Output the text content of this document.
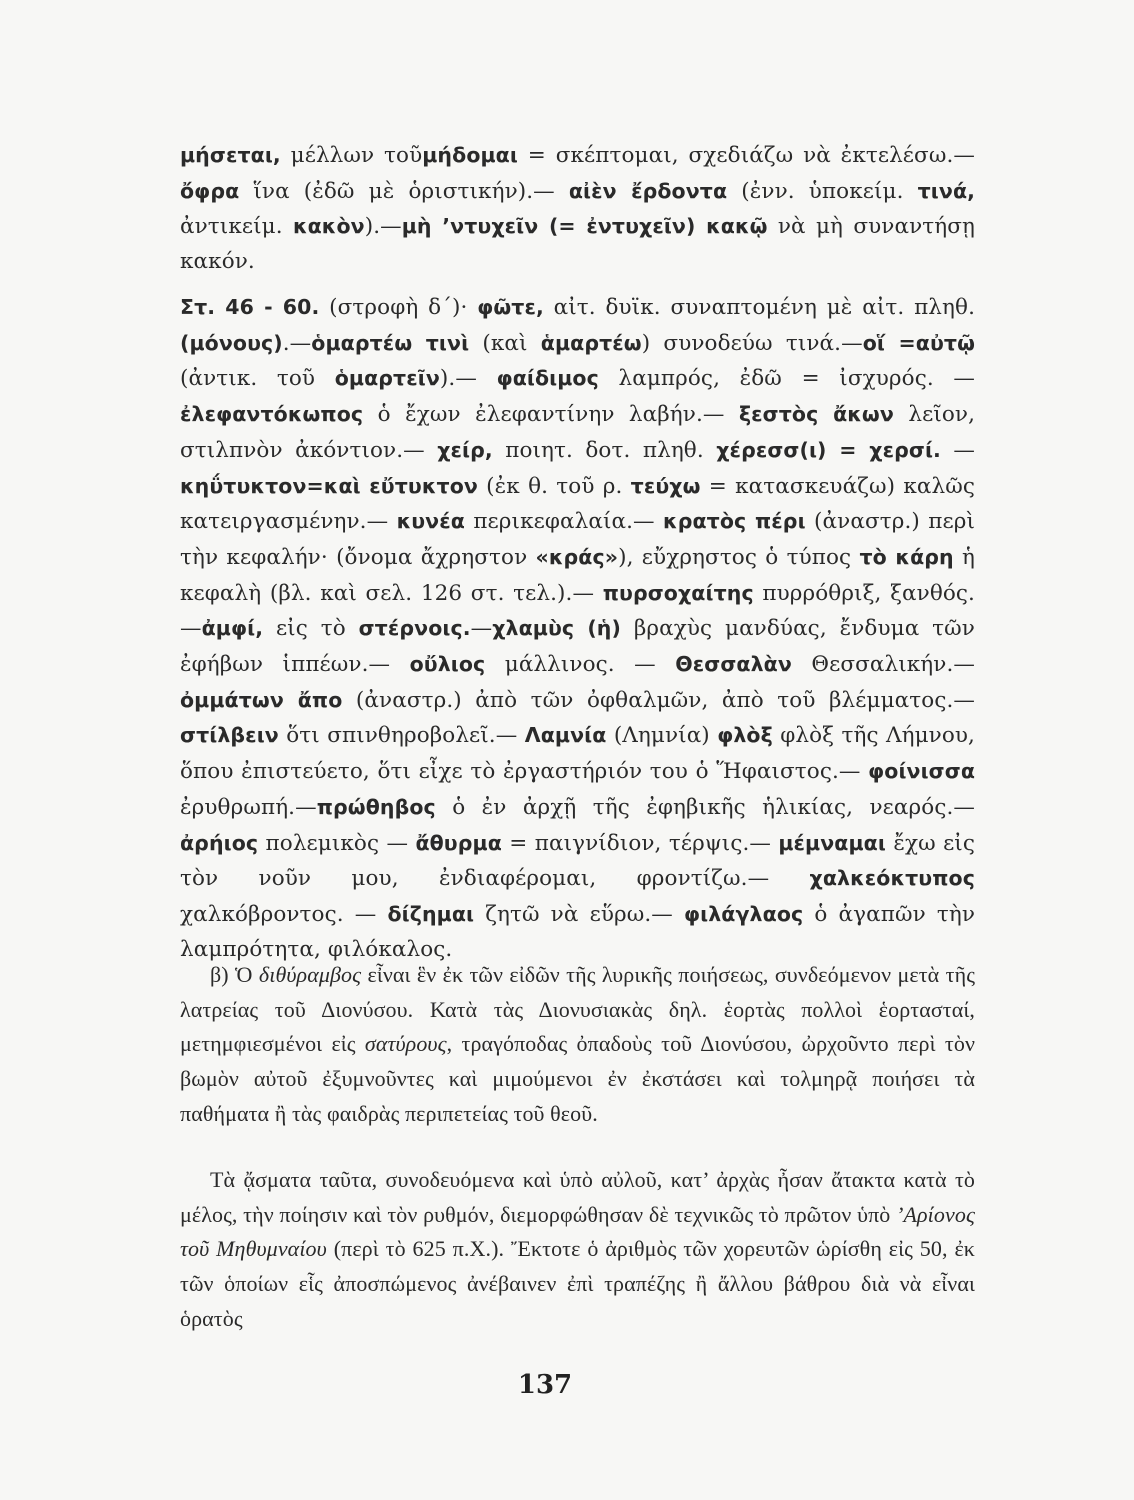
μήσεται, μέλλων τοῦμήδομαι = σκέπτομαι, σχεδιάζω νὰ ἐκτελέσω.— ὄφρα ἵνα (ἐδῶ μὲ ὁριστικήν).— αἰὲν ἔρδοντα (ἐνν. ὑποκείμ. τινά, ἀντικείμ. κακὸν).—μὴ ’ντυχεῖν (= ἐντυχεῖν) κακῷ νὰ μὴ συναντήσῃ κακόν.
Στ. 46 - 60. (στροφὴ δ΄)· φῶτε, αἰτ. δυϊκ. συναπτομένη μὲ αἰτ. πληθ. (μόνους).—ὁμαρτέω τινὶ (καὶ ἁμαρτέω) συνοδεύω τινά.—οἵ =αὐτῷ (ἀντικ. τοῦ ὁμαρτεῖν).— φαίδιμος λαμπρός, ἐδῶ = ἰσχυρός. —ἐλεφαντόκωπος ὁ ἔχων ἐλεφαντίνην λαβήν.— ξεστὸς ἄκων λεῖον, στιλπνὸν ἀκόντιον.— χείρ, ποιητ. δοτ. πληθ. χέρεσσ(ι) = χερσί. — κηΰτυκτον=καὶ εὔτυκτον (ἐκ θ. τοῦ ρ. τεύχω = κατασκευάζω) καλῶς κατειργασμένην.— κυνέα περικεφαλαία.— κρατὸς πέρι (ἀναστρ.) περὶ τὴν κεφαλήν· (ὄνομα ἄχρηστον «κράς»), εὔχρηστος ὁ τύπος τὸ κάρη ἡ κεφαλὴ (βλ. καὶ σελ. 126 στ. τελ.).— πυρσοχαίτης πυρρόθριξ, ξανθός.—ἀμφί, εἰς τὸ στέρνοις.—χλαμὺς (ἡ) βραχὺς μανδύας, ἔνδυμα τῶν ἐφήβων ἱππέων.— οὔλιος μάλλινος. — Θεσσαλὰν Θεσσαλικήν.— ὀμμάτων ἄπο (ἀναστρ.) ἀπὸ τῶν ὀφθαλμῶν, ἀπὸ τοῦ βλέμματος.— στίλβειν ὅτι σπινθηροβολεῖ.— Λαμνία (Λημνία) φλὸξ φλὸξ τῆς Λήμνου, ὅπου ἐπιστεύετο, ὅτι εἶχε τὸ ἐργαστήριόν του ὁ Ἥφαιστος.— φοίνισσα ἐρυθρωπή.—πρώθηβος ὁ ἐν ἀρχῇ τῆς ἐφηβικῆς ἡλικίας, νεαρός.— ἀρήιος πολεμικὸς — ἄθυρμα = παιγνίδιον, τέρψις.— μέμναμαι ἔχω εἰς τὸν νοῦν μου, ἐνδιαφέρομαι, φροντίζω.— χαλκεόκτυπος χαλκόβροντος. — δίζημαι ζητῶ νὰ εὕρω.— φιλάγλαος ὁ ἀγαπῶν τὴν λαμπρότητα, φιλόκαλος.
β) Ὁ διθύραμβος εἶναι ἓν ἐκ τῶν εἰδῶν τῆς λυρικῆς ποιήσεως, συνδεόμενον μετὰ τῆς λατρείας τοῦ Διονύσου. Κατὰ τὰς Διονυσιακὰς δηλ. ἑορτὰς πολλοὶ ἑορτασταί, μετημφιεσμένοι εἰς σατύρους, τραγόποδας ὀπαδοὺς τοῦ Διονύσου, ὠρχοῦντο περὶ τὸν βωμὸν αὐτοῦ ἐξυμνοῦντες καὶ μιμούμενοι ἐν ἐκστάσει καὶ τολμηρᾷ ποιήσει τὰ παθήματα ἢ τὰς φαιδρὰς περιπετείας τοῦ θεοῦ.
Τὰ ᾄσματα ταῦτα, συνοδευόμενα καὶ ὑπὸ αὐλοῦ, κατ’ ἀρχὰς ἦσαν ἄτακτα κατὰ τὸ μέλος, τὴν ποίησιν καὶ τὸν ρυθμόν, διεμορφώθησαν δὲ τεχνικῶς τὸ πρῶτον ὑπὸ ’Αρίονος τοῦ Μηθυμναίου (περὶ τὸ 625 π.Χ.). Ἔκτοτε ὁ ἀριθμὸς τῶν χορευτῶν ὡρίσθη εἰς 50, ἐκ τῶν ὁποίων εἷς ἀποσπώμενος ἀνέβαινεν ἐπὶ τραπέζης ἢ ἄλλου βάθρου διὰ νὰ εἶναι ὁρατὸς
137
